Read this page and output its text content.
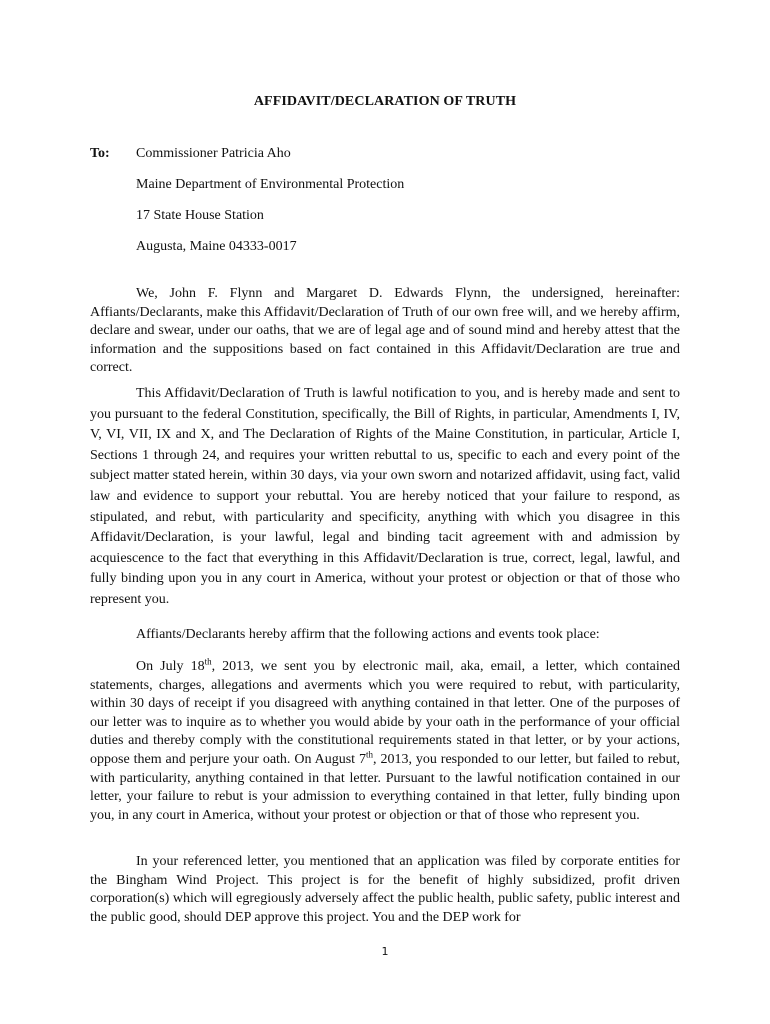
AFFIDAVIT/DECLARATION OF TRUTH
To: Commissioner Patricia Aho
Maine Department of Environmental Protection
17 State House Station
Augusta, Maine 04333-0017

We, John F. Flynn and Margaret D. Edwards Flynn, the undersigned, hereinafter: Affiants/Declarants, make this Affidavit/Declaration of Truth of our own free will, and we hereby affirm, declare and swear, under our oaths, that we are of legal age and of sound mind and hereby attest that the information and the suppositions based on fact contained in this Affidavit/Declaration are true and correct.

This Affidavit/Declaration of Truth is lawful notification to you, and is hereby made and sent to you pursuant to the federal Constitution, specifically, the Bill of Rights, in particular, Amendments I, IV, V, VI, VII, IX and X, and The Declaration of Rights of the Maine Constitution, in particular, Article I, Sections 1 through 24, and requires your written rebuttal to us, specific to each and every point of the subject matter stated herein, within 30 days, via your own sworn and notarized affidavit, using fact, valid law and evidence to support your rebuttal. You are hereby noticed that your failure to respond, as stipulated, and rebut, with particularity and specificity, anything with which you disagree in this Affidavit/Declaration, is your lawful, legal and binding tacit agreement with and admission by acquiescence to the fact that everything in this Affidavit/Declaration is true, correct, legal, lawful, and fully binding upon you in any court in America, without your protest or objection or that of those who represent you.

Affiants/Declarants hereby affirm that the following actions and events took place:

On July 18th, 2013, we sent you by electronic mail, aka, email, a letter, which contained statements, charges, allegations and averments which you were required to rebut, with particularity, within 30 days of receipt if you disagreed with anything contained in that letter. One of the purposes of our letter was to inquire as to whether you would abide by your oath in the performance of your official duties and thereby comply with the constitutional requirements stated in that letter, or by your actions, oppose them and perjure your oath. On August 7th, 2013, you responded to our letter, but failed to rebut, with particularity, anything contained in that letter. Pursuant to the lawful notification contained in our letter, your failure to rebut is your admission to everything contained in that letter, fully binding upon you, in any court in America, without your protest or objection or that of those who represent you.

In your referenced letter, you mentioned that an application was filed by corporate entities for the Bingham Wind Project. This project is for the benefit of highly subsidized, profit driven corporation(s) which will egregiously adversely affect the public health, public safety, public interest and the public good, should DEP approve this project. You and the DEP work for

1
